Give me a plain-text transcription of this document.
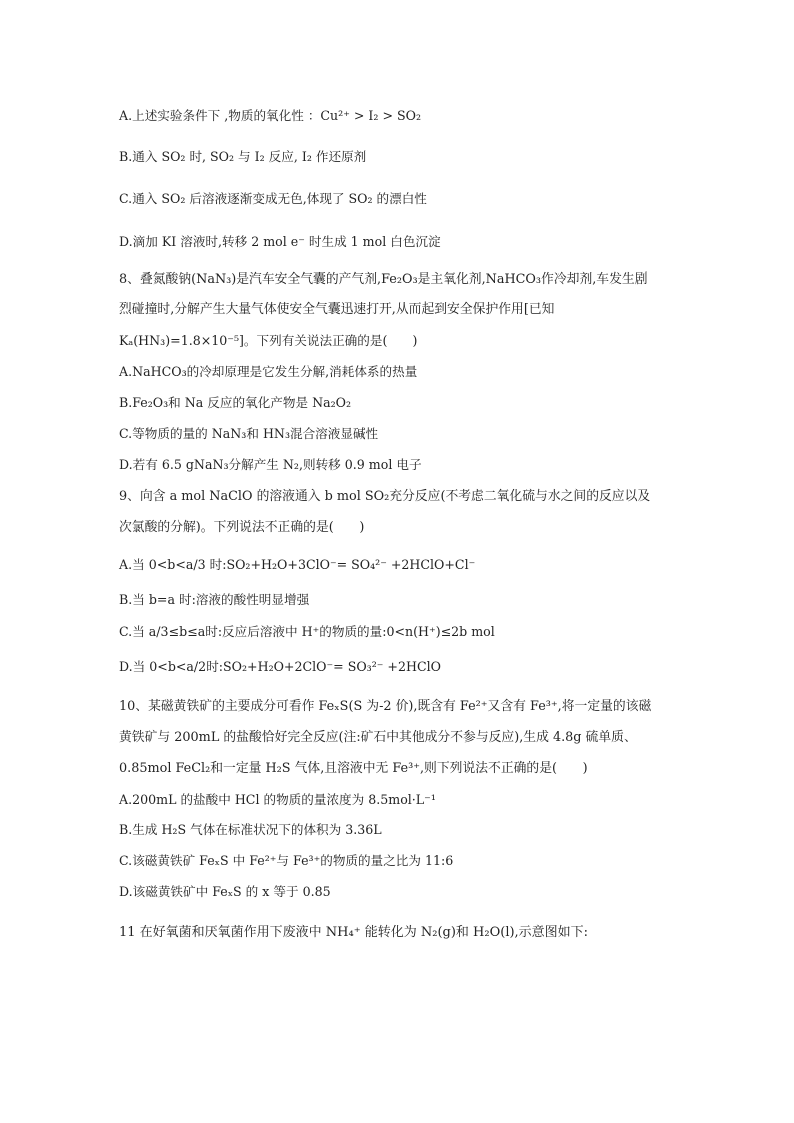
A.上述实验条件下 ,物质的氧化性 ：Cu²⁺ > I₂ > SO₂
B.通入 SO₂ 时, SO₂ 与 I₂ 反应, I₂ 作还原剂
C.通入 SO₂ 后溶液逐渐变成无色,体现了 SO₂ 的漂白性
D.滴加 KI 溶液时,转移 2 mol e⁻ 时生成 1 mol 白色沉淀
8、叠氮酸钠(NaN₃)是汽车安全气囊的产气剂,Fe₂O₃是主氧化剂,NaHCO₃作冷却剂,车发生剧
烈碰撞时,分解产生大量气体使安全气囊迅速打开,从而起到安全保护作用[已知
Kₐ(HN₃)=1.8×10⁻⁵]。下列有关说法正确的是(　　)
A.NaHCO₃的冷却原理是它发生分解,消耗体系的热量
B.Fe₂O₃和 Na 反应的氧化产物是 Na₂O₂
C.等物质的量的 NaN₃和 HN₃混合溶液显碱性
D.若有 6.5 gNaN₃分解产生 N₂,则转移 0.9 mol 电子
9、向含 a mol NaClO 的溶液通入 b mol SO₂充分反应(不考虑二氧化硫与水之间的反应以及
次氯酸的分解)。下列说法不正确的是(　　)
A.当 0<b<a/3 时:SO₂+H₂O+3ClO⁻= SO₄²⁻ +2HClO+Cl⁻
B.当 b=a 时:溶液的酸性明显增强
C.当 a/3≤b≤a时:反应后溶液中 H⁺的物质的量:0<n(H⁺)≤2b mol
D.当 0<b<a/2时:SO₂+H₂O+2ClO⁻= SO₃²⁻ +2HClO
10、某磁黄铁矿的主要成分可看作 FeₓS(S 为-2 价),既含有 Fe²⁺又含有 Fe³⁺,将一定量的该磁
黄铁矿与 200mL 的盐酸恰好完全反应(注:矿石中其他成分不参与反应),生成 4.8g 硫单质、
0.85mol FeCl₂和一定量 H₂S 气体,且溶液中无 Fe³⁺,则下列说法不正确的是(　　)
A.200mL 的盐酸中 HCl 的物质的量浓度为 8.5mol·L⁻¹
B.生成 H₂S 气体在标准状况下的体积为 3.36L
C.该磁黄铁矿 FeₓS 中 Fe²⁺与 Fe³⁺的物质的量之比为 11:6
D.该磁黄铁矿中 FeₓS 的 x 等于 0.85
11 在好氧菌和厌氧菌作用下废液中 NH₄⁺ 能转化为 N₂(g)和 H₂O(l),示意图如下:
